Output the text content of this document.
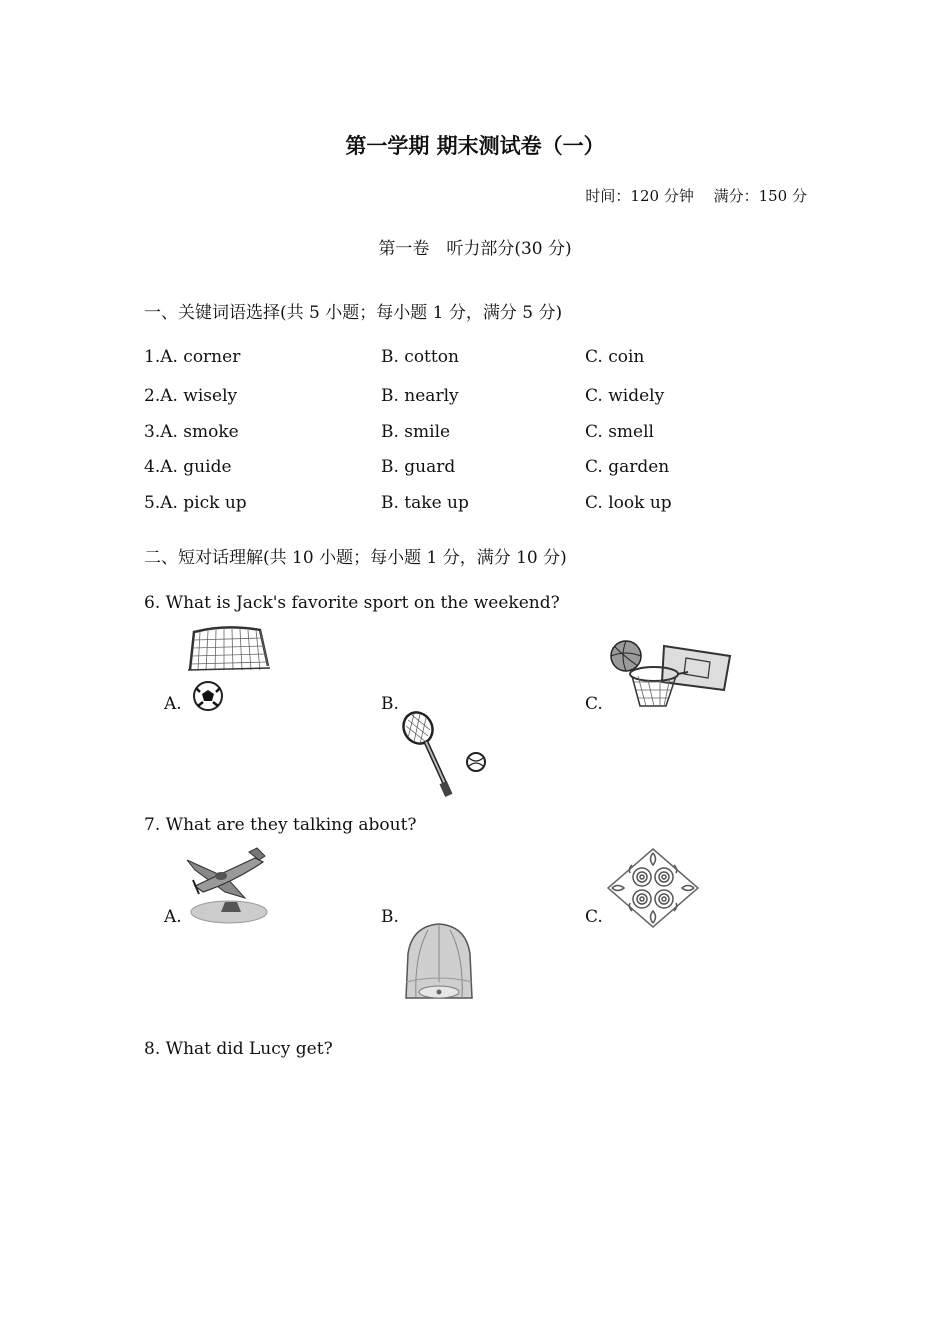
第一学期 期末测试卷（一）
时间：120 分钟　 满分：150 分
第一卷　听力部分(30 分)
一、关键词语选择(共 5 小题；每小题 1 分，满分 5 分)
1.A. corner	B. cotton	C. coin
2.A. wisely	B. nearly	C. widely
3.A. smoke	B. smile	C. smell
4.A. guide	B. guard	C. garden
5.A. pick up	B. take up	C. look up
二、短对话理解(共 10 小题；每小题 1 分，满分 10 分)
6. What is Jack's favorite sport on the weekend?
A.	B.	C.
7. What are they talking about?
A.	B.	C.
8. What did Lucy get?
